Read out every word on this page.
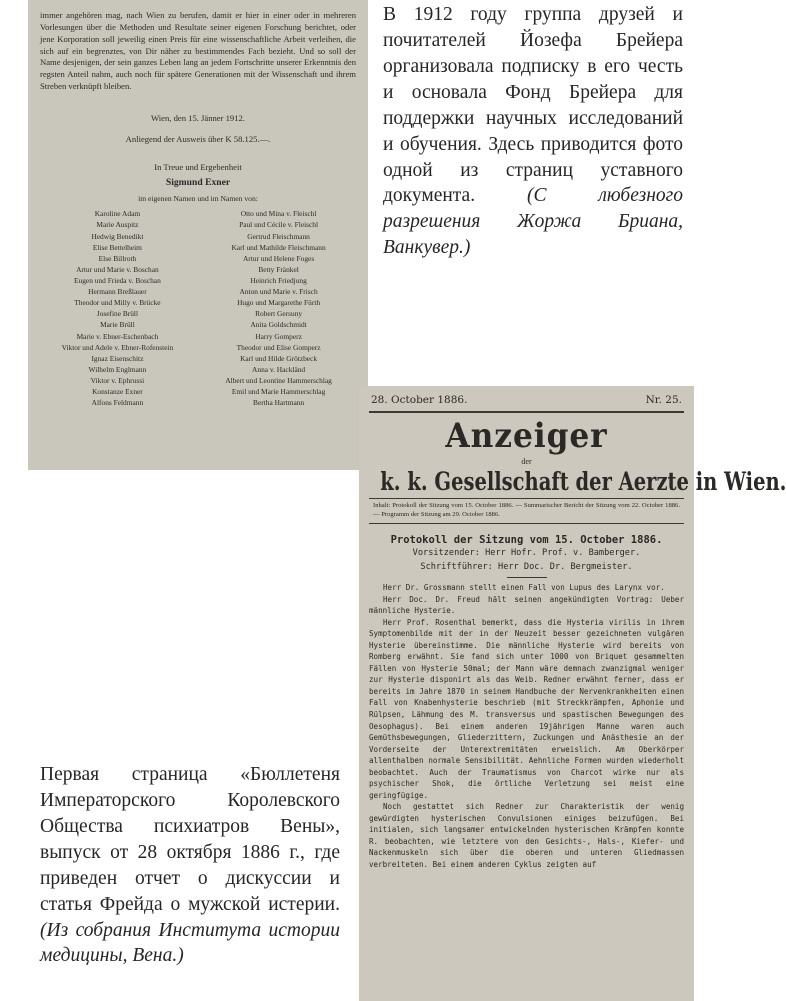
immer angehören mag, nach Wien zu berufen, damit er hier in einer oder in mehreren Vorlesungen über die Methoden und Resultate seiner eigenen Forschung berichtet, oder jene Korporation soll jeweilig einen Preis für eine wissenschaftliche Arbeit verleihen, die sich auf ein begrenztes, von Dir näher zu bestimmendes Fach bezieht. Und so soll der Name desjenigen, der sein ganzes Leben lang an jedem Fortschritte unserer Erkenntnis den regsten Anteil nahm, auch noch für spätere Generationen mit der Wissenschaft und ihrem Streben verknüpft bleiben.

Wien, den 15. Jänner 1912.
Anliegend der Ausweis über K 58.125.—.
In Treue und Ergebenheit
Sigmund Exner
im eigenen Namen und im Namen von:
Karoline Adam
Marie Auspitz
Hedwig Benedikt
Elise Bettelheim
Else Billroth
Artur und Marie v. Boschan
Eugen und Frieda v. Boschan
Hermann Breßlauer
Theodor und Milly v. Brücke
Josefine Brüll
Marie Brüll
Marie v. Ebner-Eschenbach
Viktor und Adele v. Ebner-Rofenstein
Ignaz Eisenschitz
Wilhelm Englmann
Viktor v. Ephrussi
Konstanze Exner
Alfons Feldmann
Otto und Mina v. Fleischl
Paul und Cécile v. Fleischl
Gertrud Fleischmann
Karl und Mathilde Fleischmann
Artur und Helene Foges
Betty Fränkel
Heinrich Friedjung
Anton und Marie v. Frisch
Hugo und Margarethe Fürth
Robert Gersuny
Anita Goldschmidt
Harry Gomperz
Theodor und Elise Gomperz
Karl und Hilde Grötzbeck
Anna v. Hackländ
Albert und Leontine Hammerschlag
Emil und Marie Hammerschlag
Bertha Hartmann
В 1912 году группа друзей и почитателей Йозефа Брейера организовала подписку в его честь и основала Фонд Брейера для поддержки научных исследований и обучения. Здесь приводится фото одной из страниц уставного документа. (С любезного разрешения Жоржа Бриана, Ванкувер.)
28. October 1886.	Nr. 25.
Anzeiger
der
k. k. Gesellschaft der Aerzte in Wien.
Inhalt: Protokoll der Sitzung vom 15. October 1886. — Summarischer Bericht der Sitzung vom 22. October 1886. — Programm der Sitzung am 29. October 1886.
Protokoll der Sitzung vom 15. October 1886.
Vorsitzender: Herr Hofr. Prof. v. Bamberger.
Schriftführer: Herr Doc. Dr. Bergmeister.

Herr Dr. Grossmann stellt einen Fall von Lupus des Larynx vor.

Herr Doc. Dr. Freud hält seinen angekündigten Vortrag: Ueber männliche Hysterie.

Herr Prof. Rosenthal bemerkt, dass die Hysteria virilis in ihrem Symptomenbilde mit der in der Neuzeit besser gezeichneten vulgären Hysterie übereinstimme. Die männliche Hysterie wird bereits von Romberg erwähnt. Sie fand sich unter 1000 von Briquet gesammelten Fällen von Hysterie 50mal; der Mann wäre demnach zwanzigmal weniger zur Hysterie disponirt als das Weib. Redner erwähnt ferner, dass er bereits im Jahre 1870 in seinem Handbuche der Nervenkrankheiten einen Fall von Knabenhysterie beschrieb (mit Streckkrämpfen, Aphonie und Rülpsen, Lähmung des M. transversus und spastischen Bewegungen des Oesophagus). Bei einem anderen 19jährigen Manne waren auch Gemüthsbewegungen, Gliederzittern, Zuckungen und Anästhesie an der Vorderseite der Unterextremitäten erweislich. Am Oberkörper allenthalben normale Sensibilität. Aehnliche Formen wurden wiederholt beobachtet. Auch der Traumatismus von Charcot wirke nur als psychischer Shok, die örtliche Verletzung sei meist eine geringfügige.

Noch gestattet sich Redner zur Charakteristik der wenig gewürdigten hysterischen Convulsionen einiges beizufügen. Bei initialen, sich langsamer entwickelnden hysterischen Krämpfen konnte R. beobachten, wie letztere von den Gesichts-, Hals-, Kiefer- und Nackenmuskeln sich über die oberen und unteren Gliedmassen verbreiteten. Bei einem anderen Cyklus zeigten auf

Первая страница «Бюллетеня Императорского Королевского Общества психиатров Вены», выпуск от 28 октября 1886 г., где приведен отчет о дискуссии и статья Фрейда о мужской истерии. (Из собрания Института истории медицины, Вена.)
